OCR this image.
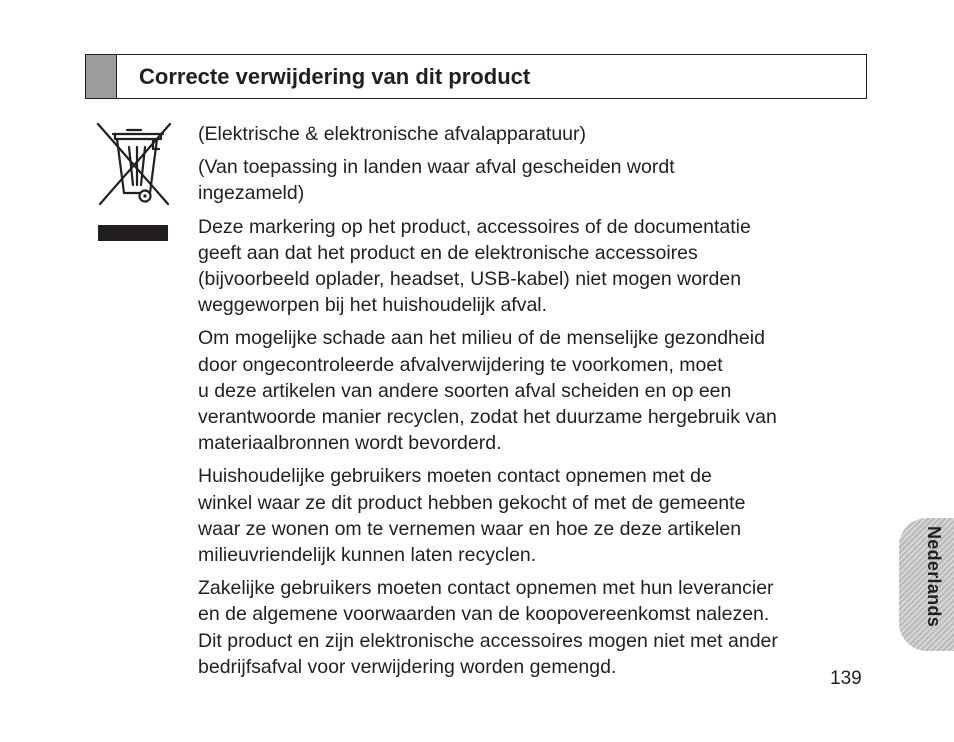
Correcte verwijdering van dit product

(Elektrische & elektronische afvalapparatuur)

(Van toepassing in landen waar afval gescheiden wordt
ingezameld)

Deze markering op het product, accessoires of de documentatie
geeft aan dat het product en de elektronische accessoires
(bijvoorbeeld oplader, headset, USB-kabel) niet mogen worden
weggeworpen bij het huishoudelijk afval.

Om mogelijke schade aan het milieu of de menselijke gezondheid
door ongecontroleerde afvalverwijdering te voorkomen, moet
u deze artikelen van andere soorten afval scheiden en op een
verantwoorde manier recyclen, zodat het duurzame hergebruik van
materiaalbronnen wordt bevorderd.

Huishoudelijke gebruikers moeten contact opnemen met de
winkel waar ze dit product hebben gekocht of met de gemeente
waar ze wonen om te vernemen waar en hoe ze deze artikelen
milieuvriendelijk kunnen laten recyclen.

Zakelijke gebruikers moeten contact opnemen met hun leverancier
en de algemene voorwaarden van de koopovereenkomst nalezen.
Dit product en zijn elektronische accessoires mogen niet met ander
bedrijfsafval voor verwijdering worden gemengd.

Nederlands
139
